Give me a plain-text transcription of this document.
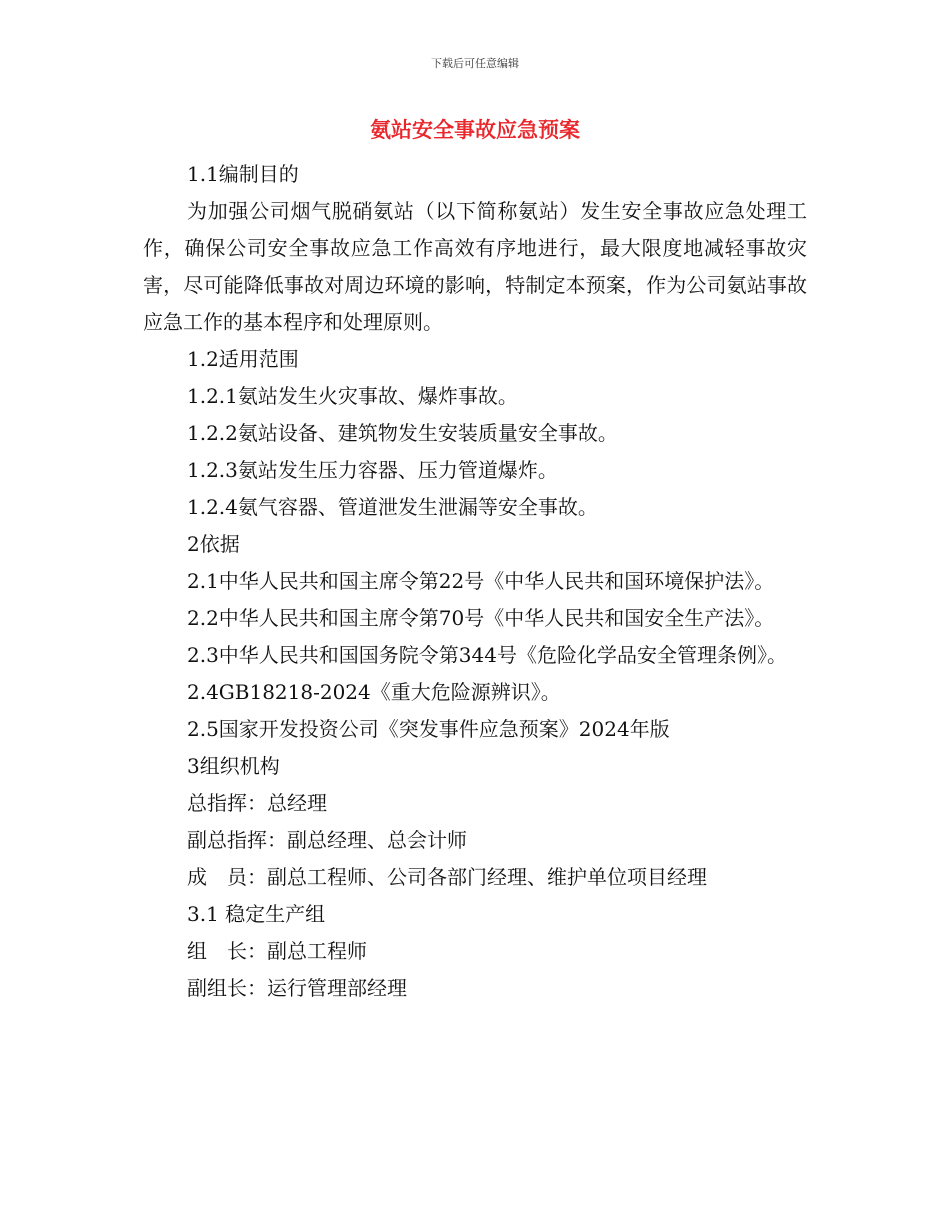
下载后可任意编辑
氨站安全事故应急预案

1.1编制目的

为加强公司烟气脱硝氨站（以下简称氨站）发生安全事故应急处理工作，确保公司安全事故应急工作高效有序地进行，最大限度地减轻事故灾害，尽可能降低事故对周边环境的影响，特制定本预案，作为公司氨站事故应急工作的基本程序和处理原则。

1.2适用范围

1.2.1氨站发生火灾事故、爆炸事故。

1.2.2氨站设备、建筑物发生安装质量安全事故。

1.2.3氨站发生压力容器、压力管道爆炸。

1.2.4氨气容器、管道泄发生泄漏等安全事故。

2依据

2.1中华人民共和国主席令第22号《中华人民共和国环境保护法》。

2.2中华人民共和国主席令第70号《中华人民共和国安全生产法》。

2.3中华人民共和国国务院令第344号《危险化学品安全管理条例》。

2.4GB18218-2024《重大危险源辨识》。

2.5国家开发投资公司《突发事件应急预案》2024年版

3组织机构

总指挥：总经理

副总指挥：副总经理、总会计师

成　员：副总工程师、公司各部门经理、维护单位项目经理

3.1 稳定生产组

组　长：副总工程师

副组长：运行管理部经理
